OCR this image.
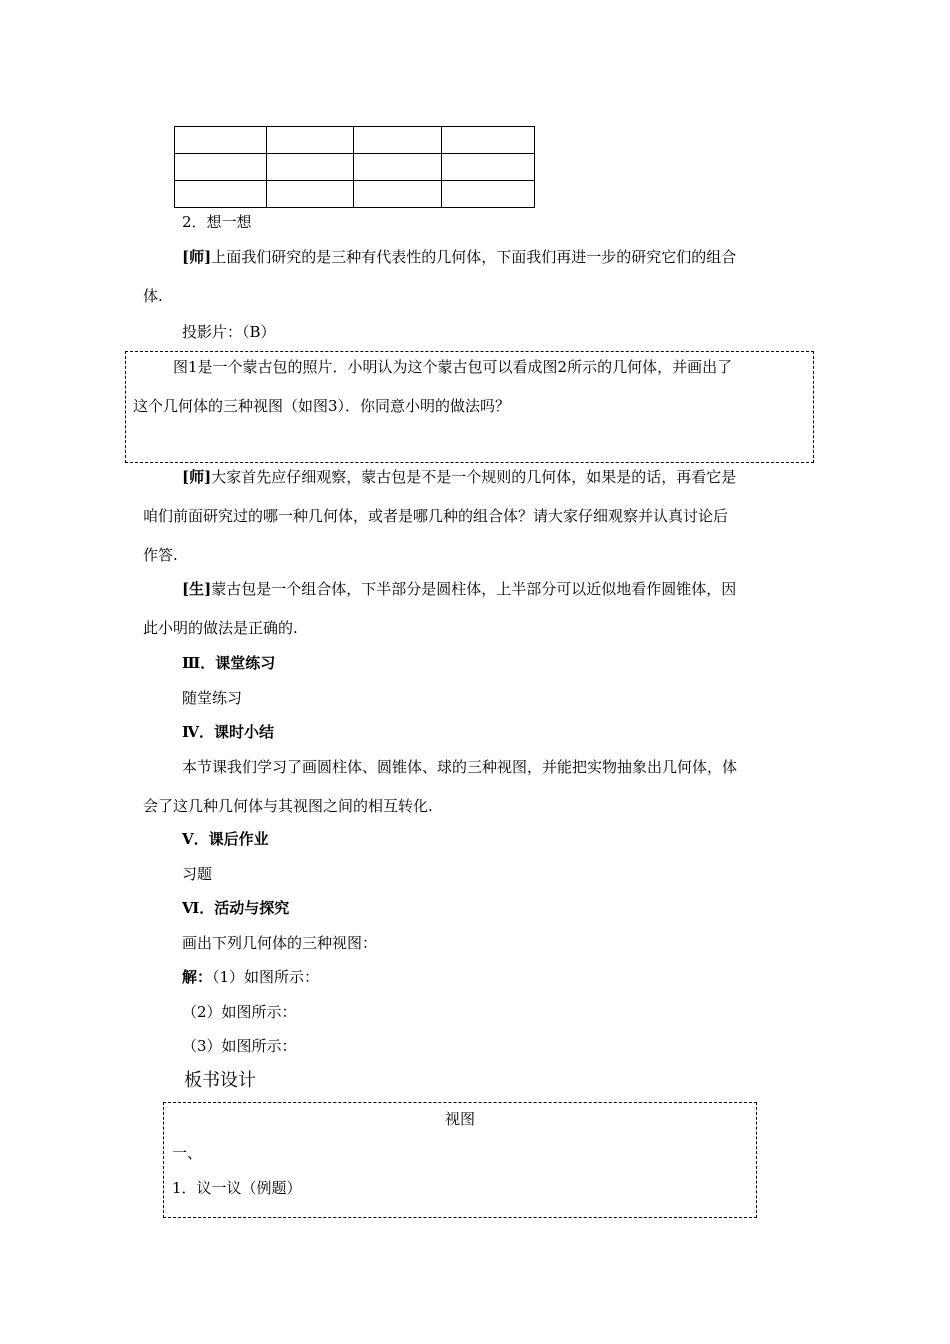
2．想一想
[师]上面我们研究的是三种有代表性的几何体，下面我们再进一步的研究它们的组合
体.
投影片：（B）
图1是一个蒙古包的照片．小明认为这个蒙古包可以看成图2所示的几何体，并画出了
这个几何体的三种视图（如图3）．你同意小明的做法吗？
[师]大家首先应仔细观察，蒙古包是不是一个规则的几何体，如果是的话，再看它是
咱们前面研究过的哪一种几何体，或者是哪几种的组合体？请大家仔细观察并认真讨论后
作答.
[生]蒙古包是一个组合体，下半部分是圆柱体，上半部分可以近似地看作圆锥体，因
此小明的做法是正确的.
Ⅲ．课堂练习
随堂练习
Ⅳ．课时小结
本节课我们学习了画圆柱体、圆锥体、球的三种视图，并能把实物抽象出几何体，体
会了这几种几何体与其视图之间的相互转化.
Ⅴ．课后作业
习题
Ⅵ．活动与探究
画出下列几何体的三种视图：
解：（1）如图所示：
（2）如图所示：
（3）如图所示：
板书设计
视图
一、
1．议一议（例题）
